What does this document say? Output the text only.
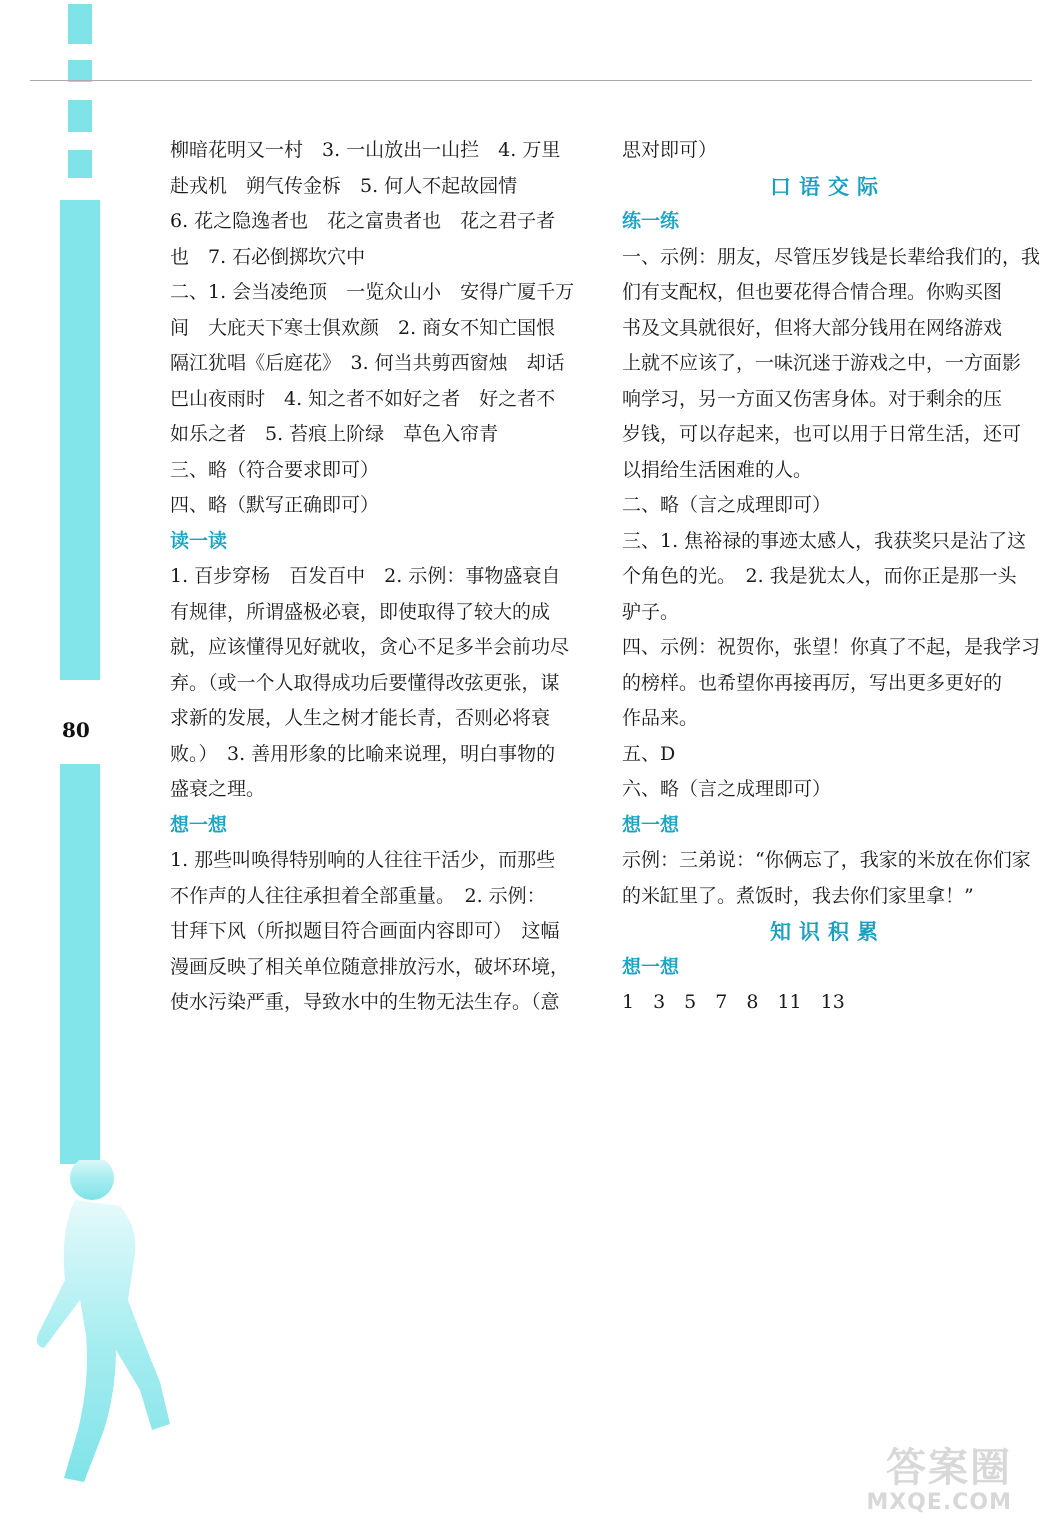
80
柳暗花明又一村　3. 一山放出一山拦　4. 万里
赴戎机　朔气传金柝　5. 何人不起故园情
6. 花之隐逸者也　花之富贵者也　花之君子者
也　7. 石必倒掷坎穴中
二、1. 会当凌绝顶　一览众山小　安得广厦千万
间　大庇天下寒士俱欢颜　2. 商女不知亡国恨
隔江犹唱《后庭花》　3. 何当共剪西窗烛　却话
巴山夜雨时　4. 知之者不如好之者　好之者不
如乐之者　5. 苔痕上阶绿　草色入帘青
三、略（符合要求即可）
四、略（默写正确即可）
读一读
1. 百步穿杨　百发百中　2. 示例：事物盛衰自
有规律，所谓盛极必衰，即使取得了较大的成
就，应该懂得见好就收，贪心不足多半会前功尽
弃。（或一个人取得成功后要懂得改弦更张，谋
求新的发展，人生之树才能长青，否则必将衰
败。）　3. 善用形象的比喻来说理，明白事物的
盛衰之理。
想一想
1. 那些叫唤得特别响的人往往干活少，而那些
不作声的人往往承担着全部重量。　2. 示例：
甘拜下风（所拟题目符合画面内容即可）　这幅
漫画反映了相关单位随意排放污水，破坏环境，
使水污染严重，导致水中的生物无法生存。（意
思对即可）
口语交际
练一练
一、示例：朋友，尽管压岁钱是长辈给我们的，我
们有支配权，但也要花得合情合理。你购买图
书及文具就很好，但将大部分钱用在网络游戏
上就不应该了，一味沉迷于游戏之中，一方面影
响学习，另一方面又伤害身体。对于剩余的压
岁钱，可以存起来，也可以用于日常生活，还可
以捐给生活困难的人。
二、略（言之成理即可）
三、1. 焦裕禄的事迹太感人，我获奖只是沾了这
个角色的光。　2. 我是犹太人，而你正是那一头
驴子。
四、示例：祝贺你，张望！你真了不起，是我学习
的榜样。也希望你再接再厉，写出更多更好的
作品来。
五、D
六、略（言之成理即可）
想一想
示例：三弟说：“你俩忘了，我家的米放在你们家
的米缸里了。煮饭时，我去你们家里拿！”
知识积累
想一想
1　3　5　7　8　11　13
答案圈
MXQE.COM
